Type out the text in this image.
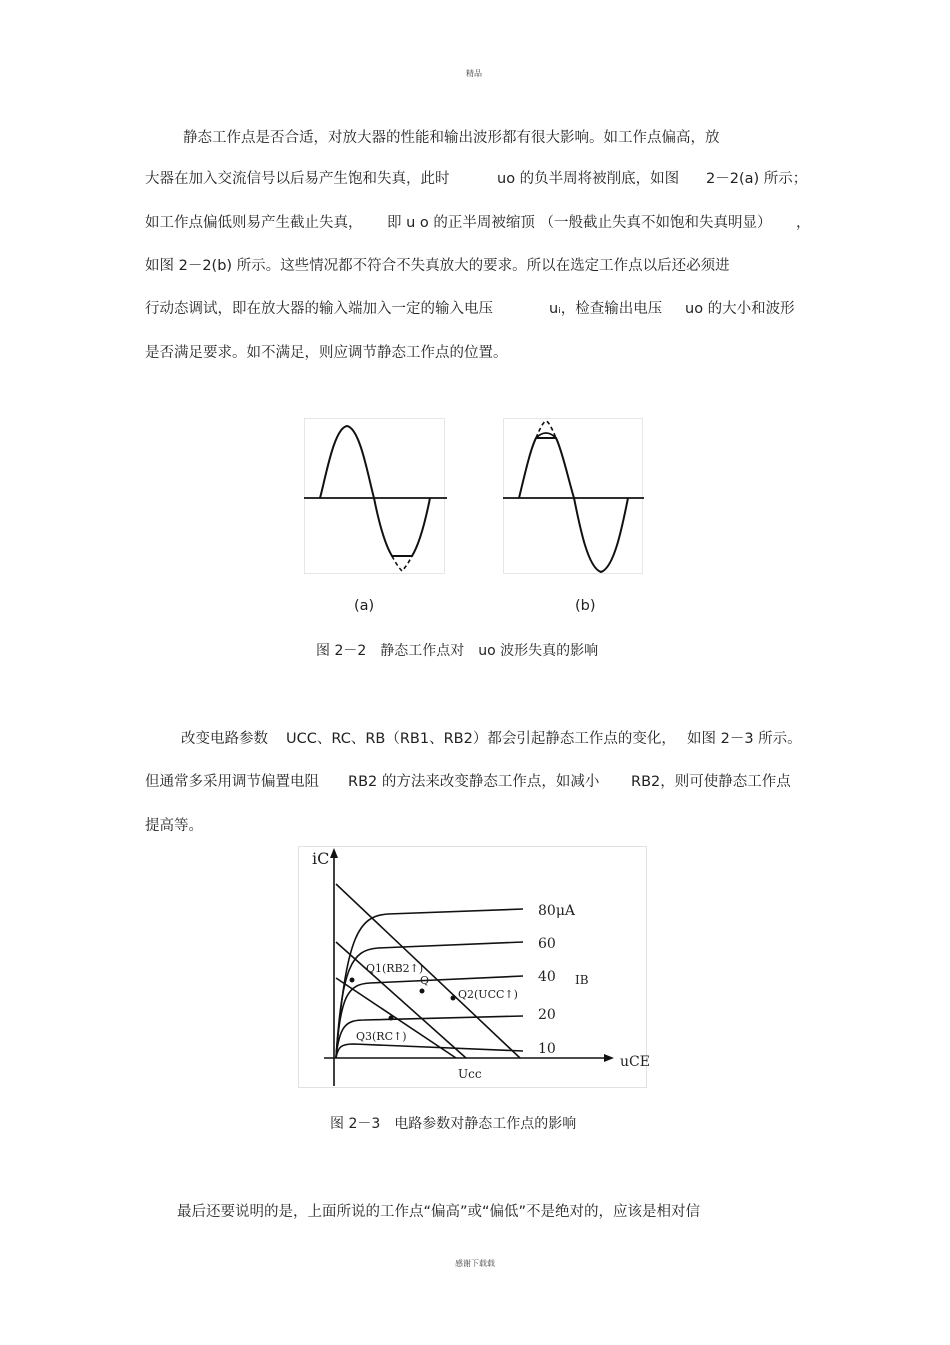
精品
静态工作点是否合适，对放大器的性能和输出波形都有很大影响。如工作点偏高，放
大器在加入交流信号以后易产生饱和失真，此时	uo 的负半周将被削底，如图 2－2(a) 所示；
如工作点偏低则易产生截止失真， 即 u o 的正半周被缩顶 （一般截止失真不如饱和失真明显） ，
如图 2－2(b) 所示。这些情况都不符合不失真放大的要求。所以在选定工作点以后还必须进
行动态调试，即在放大器的输入端加入一定的输入电压	uᵢ，检查输出电压 uo 的大小和波形
是否满足要求。如不满足，则应调节静态工作点的位置。
(a)	(b)
图 2－2　静态工作点对　uo 波形失真的影响
改变电路参数 UCC、RC、RB（RB1、RB2）都会引起静态工作点的变化， 如图 2－3 所示。
但通常多采用调节偏置电阻 RB2 的方法来改变静态工作点，如减小 RB2，则可使静态工作点
提高等。
iC
uCE
80μA
60
40
20
10
IB
Q1(RB2↑)
Q2(UCC↑)
Q
Q3(RC↑)
Ucc
图 2－3　电路参数对静态工作点的影响
最后还要说明的是，上面所说的工作点“偏高”或“偏低”不是绝对的，应该是相对信
感谢下载载
